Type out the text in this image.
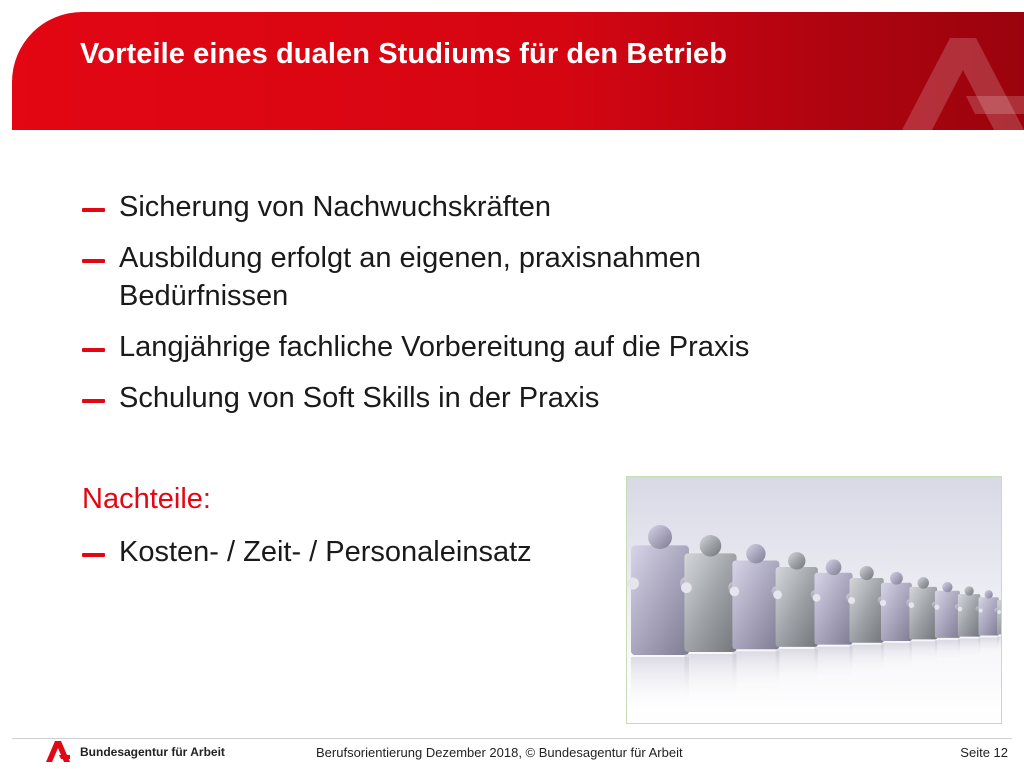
Vorteile eines dualen Studiums für den Betrieb
Sicherung von Nachwuchskräften
Ausbildung erfolgt an eigenen, praxisnahmen Bedürfnissen
Langjährige fachliche Vorbereitung auf die Praxis
Schulung von Soft Skills in der Praxis
Nachteile:
Kosten- / Zeit- / Personaleinsatz
Bundesagentur für Arbeit	Berufsorientierung Dezember 2018, © Bundesagentur für Arbeit	Seite 12
